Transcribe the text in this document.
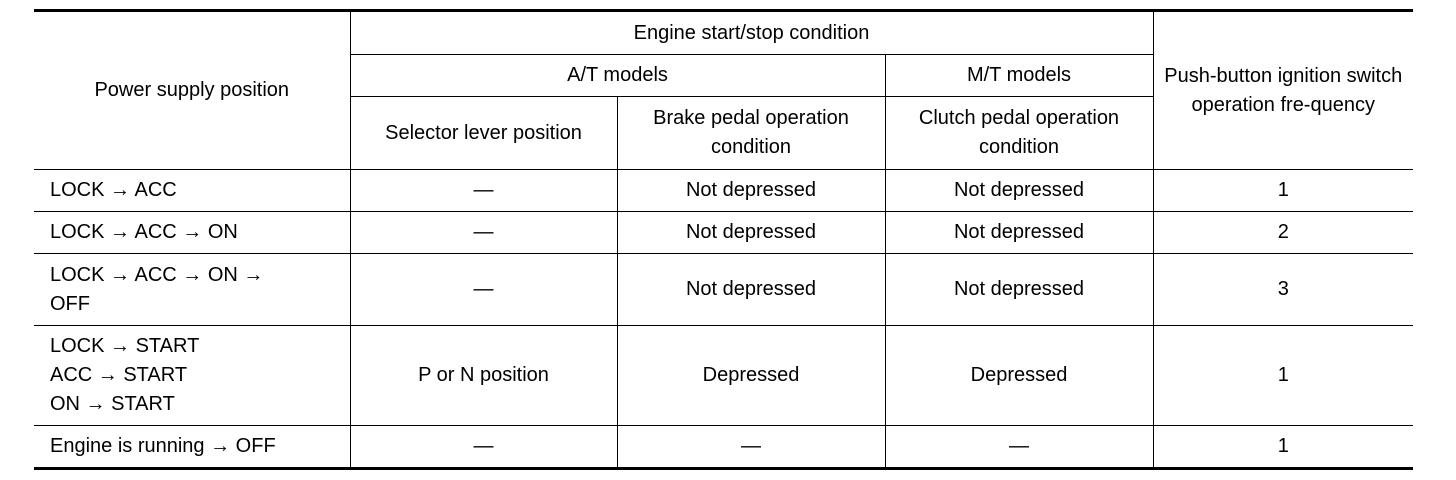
Power supply position	Engine start/stop condition			Push-button ignition switch operation fre-quency
	A/T models		M/T models	
	Selector lever position	Brake pedal operation condition	Clutch pedal operation condition	

LOCK → ACC	—	Not depressed	Not depressed	1

LOCK → ACC → ON	—	Not depressed	Not depressed	2

LOCK → ACC → ON →
OFF	—	Not depressed	Not depressed	3

LOCK → START
ACC → START
ON → START	P or N position	Depressed	Depressed	1

Engine is running → OFF	—	—	—	1
